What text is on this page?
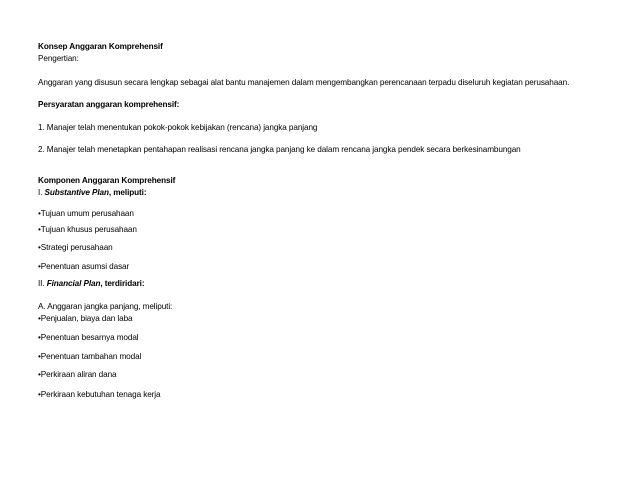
Konsep Anggaran Komprehensif
Pengertian:
Anggaran yang disusun secara lengkap sebagai alat bantu manajemen dalam mengembangkan perencanaan terpadu diseluruh kegiatan perusahaan.
Persyaratan anggaran komprehensif:
1. Manajer telah menentukan pokok-pokok kebijakan (rencana) jangka panjang
2. Manajer telah menetapkan pentahapan realisasi rencana jangka panjang ke dalam rencana jangka pendek secara berkesinambungan
Komponen Anggaran Komprehensif
I. Substantive Plan, meliputi:
•Tujuan umum perusahaan
•Tujuan khusus perusahaan
•Strategi perusahaan
•Penentuan asumsi dasar
II. Financial Plan, terdiridari:
A. Anggaran jangka panjang, meliputi:
•Penjualan, biaya dan laba
•Penentuan besarnya modal
•Penentuan tambahan modal
•Perkiraan aliran dana
•Perkiraan kebutuhan tenaga kerja
